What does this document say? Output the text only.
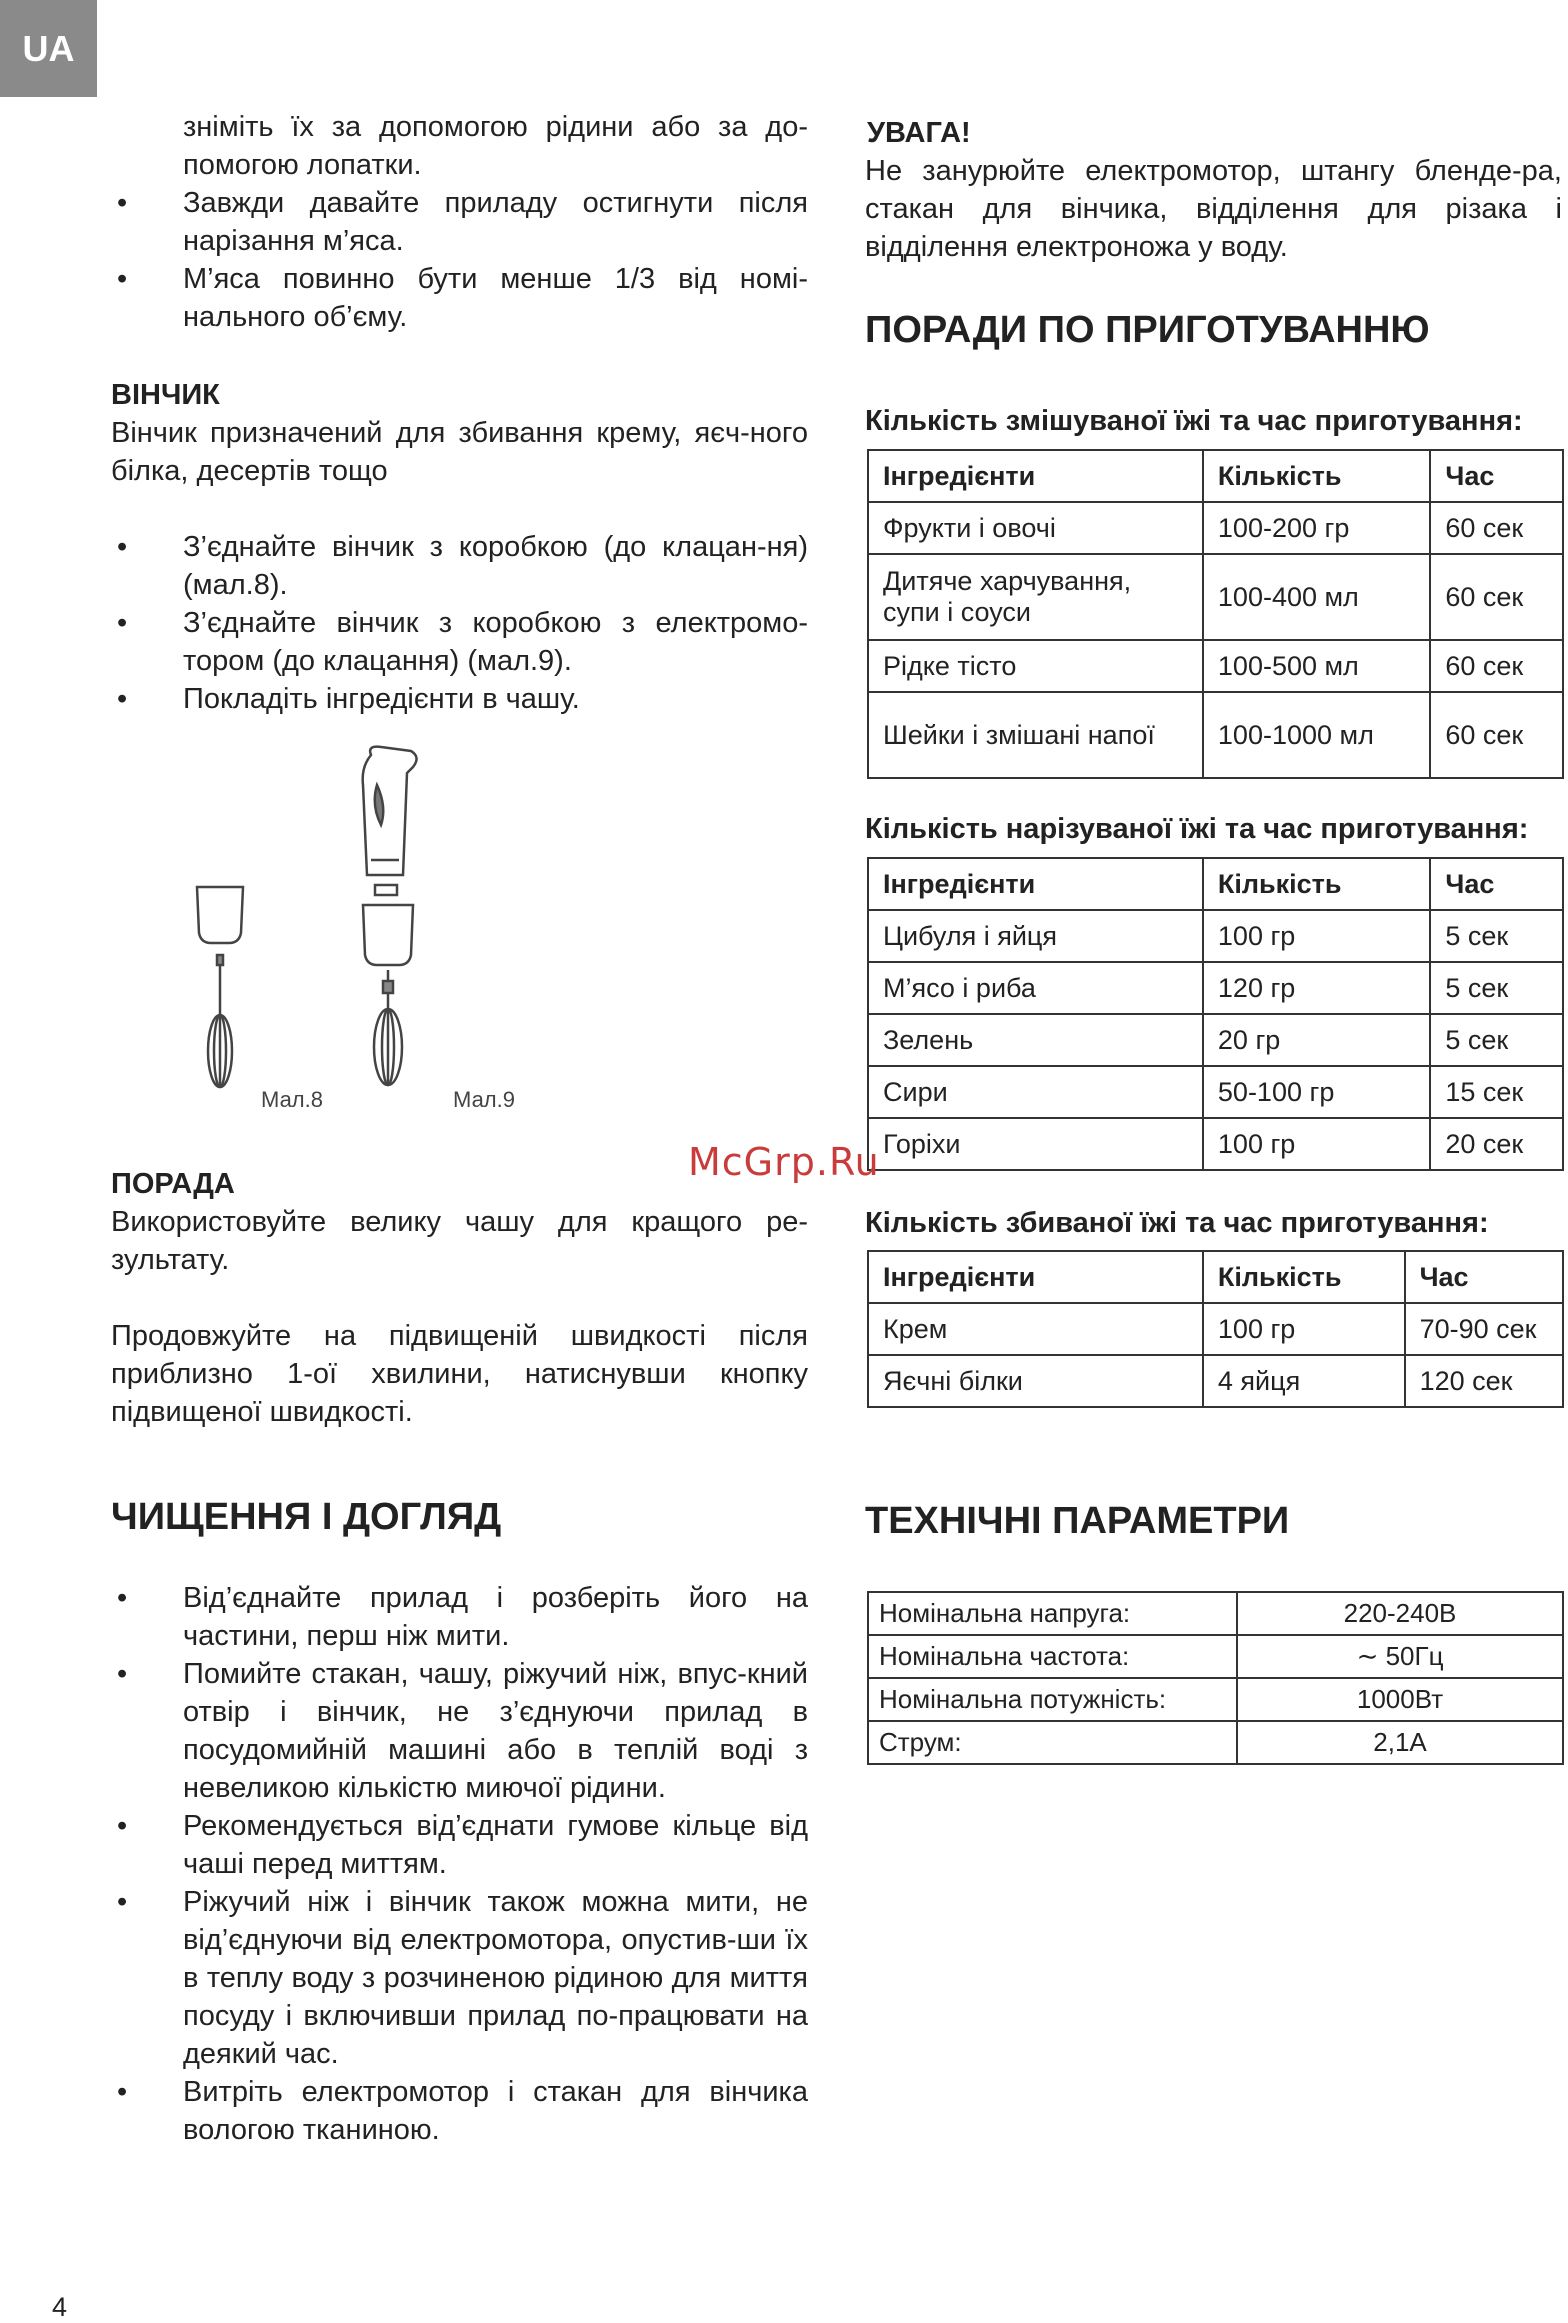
UA

зніміть їх за допомогою рідини або за до-помогою лопатки.

• Завжди давайте приладу остигнути після нарізання м’яса.
• М’яса повинно бути менше 1/3 від номі-нального об’єму.
ВІНЧИК

Вінчик призначений для збивання крему, яєч-ного білка, десертів тощо

• З’єднайте вінчик з коробкою (до клацан-ня) (мал.8).
• З’єднайте вінчик з коробкою з електромо-тором (до клацання) (мал.9).
• Покладіть інгредієнти в чашу.
Мал.8	Мал.9
ПОРАДА

Використовуйте велику чашу для кращого ре-зультату.

Продовжуйте на підвищеній швидкості після приблизно 1-ої хвилини, натиснувши кнопку підвищеної швидкості.

ЧИЩЕННЯ І ДОГЛЯД
• Від’єднайте прилад і розберіть його на частини, перш ніж мити.
• Помийте стакан, чашу, ріжучий ніж, впус-кний отвір і вінчик, не з’єднуючи прилад в посудомийній машині або в теплій воді з невеликою кількістю миючої рідини.
• Рекомендується від’єднати гумове кільце від чаші перед миттям.
• Ріжучий ніж і вінчик також можна мити, не від’єднуючи від електромотора, опустив-ши їх в теплу воду з розчиненою рідиною для миття посуду і включивши прилад по-працювати на деякий час.
• Витріть електромотор і стакан для вінчика вологою тканиною.
УВАГА!

Не занурюйте електромотор, штангу бленде-ра, стакан для вінчика, відділення для різака і відділення електроножа у воду.

ПОРАДИ ПО ПРИГОТУВАННЮ
Кількість змішуваної їжі та час приготування:
Інгредієнти	Кількість	Час
Фрукти і овочі	100-200 гр	60 сек
Дитяче харчування, супи і соуси	100-400 мл	60 сек
Рідке тісто	100-500 мл	60 сек
Шейки і змішані напої	100-1000 мл	60 сек
Кількість нарізуваної їжі та час приготування:
Інгредієнти	Кількість	Час
Цибуля і яйця	100 гр	5 сек
М’ясо і риба	120 гр	5 сек
Зелень	20 гр	5 сек
Сири	50-100 гр	15 сек
Горіхи	100 гр	20 сек
Кількість збиваної їжі та час приготування:
Інгредієнти	Кількість	Час
Крем	100 гр	70-90 сек
Яєчні білки	4 яйця	120 сек
ТЕХНІЧНІ ПАРАМЕТРИ
Номінальна напруга:	220-240В
Номінальна частота:	∼ 50Гц
Номінальна потужність:	1000Вт
Струм:	2,1А
McGrp.Ru
4
